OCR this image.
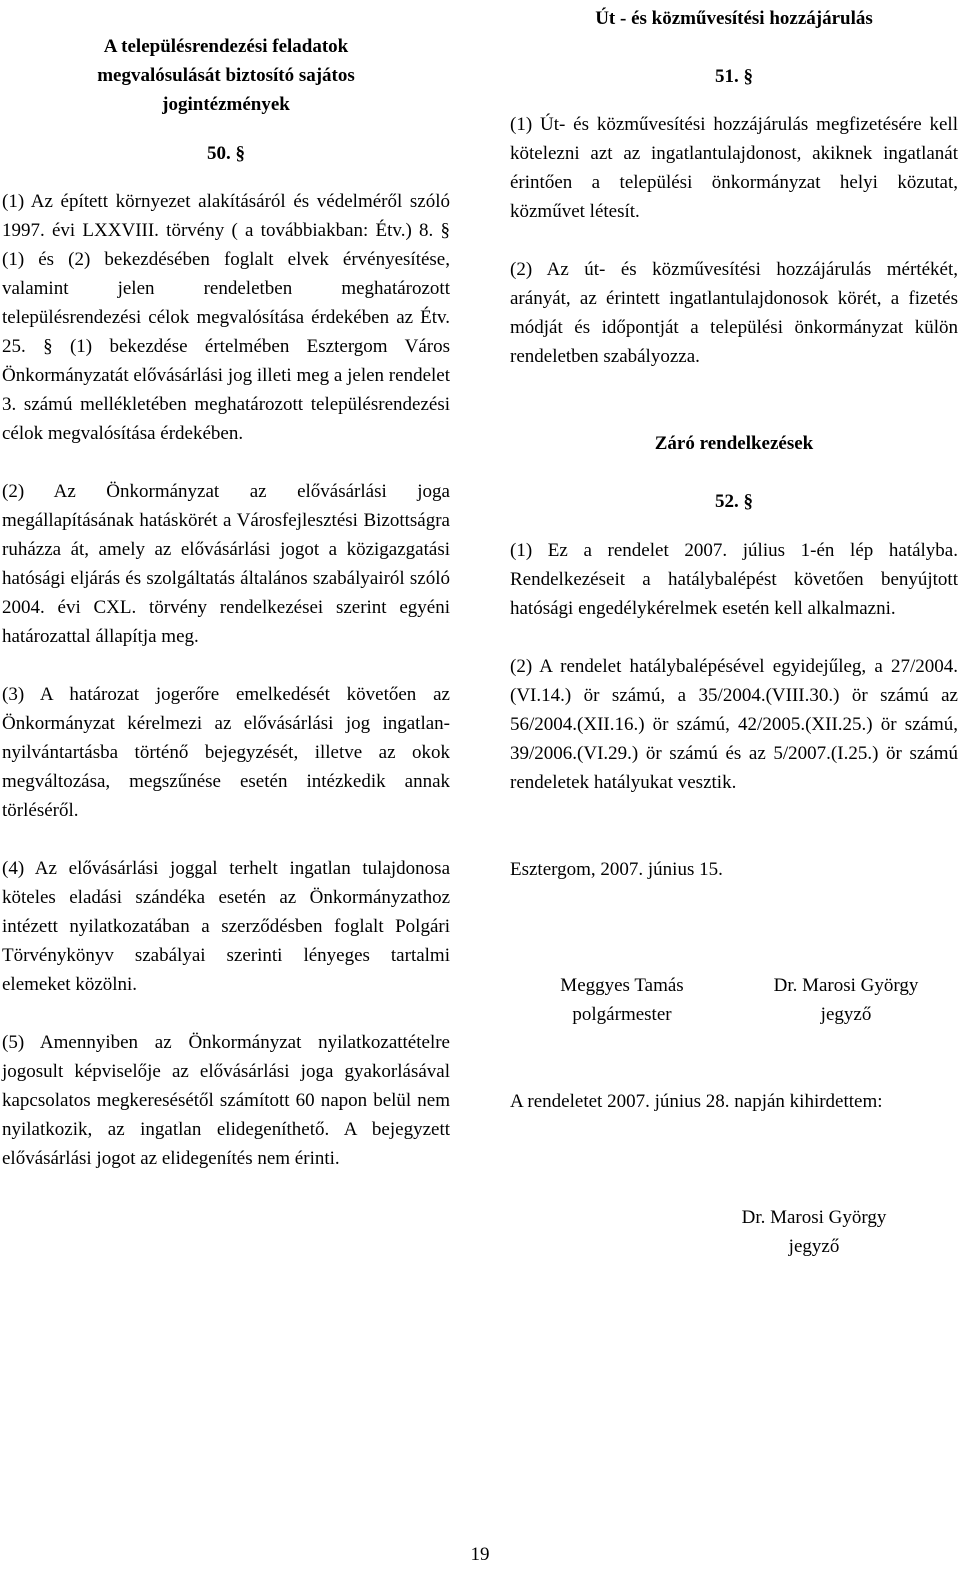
A településrendezési feladatok megvalósulását biztosító sajátos jogintézmények
50. §

(1) Az épített környezet alakításáról és védelméről szóló 1997. évi LXXVIII. törvény ( a továbbiakban: Étv.) 8. § (1) és (2) bekezdésében foglalt elvek érvényesítése, valamint jelen rendeletben meghatározott településrendezési célok megvalósítása érdekében az Étv. 25. § (1) bekezdése értelmében Esztergom Város Önkormányzatát elővásárlási jog illeti meg a jelen rendelet 3. számú mellékletében meghatározott településrendezési célok megvalósítása érdekében.

(2) Az Önkormányzat az elővásárlási joga megállapításának hatáskörét a Városfejlesztési Bizottságra ruházza át, amely az elővásárlási jogot a közigazgatási hatósági eljárás és szolgáltatás általános szabályairól szóló 2004. évi CXL. törvény rendelkezései szerint egyéni határozattal állapítja meg.

(3) A határozat jogerőre emelkedését követően az Önkormányzat kérelmezi az elővásárlási jog ingatlan-nyilvántartásba történő bejegyzését, illetve az okok megváltozása, megszűnése esetén intézkedik annak törléséről.

(4) Az elővásárlási joggal terhelt ingatlan tulajdonosa köteles eladási szándéka esetén az Önkormányzathoz intézett nyilatkozatában a szerződésben foglalt Polgári Törvénykönyv szabályai szerinti lényeges tartalmi elemeket közölni.

(5) Amennyiben az Önkormányzat nyilatkozattételre jogosult képviselője az elővásárlási joga gyakorlásával kapcsolatos megkeresésétől számított 60 napon belül nem nyilatkozik, az ingatlan elidegeníthető. A bejegyzett elővásárlási jogot az elidegenítés nem érinti.

Út - és közművesítési hozzájárulás
51. §

(1) Út- és közművesítési hozzájárulás megfizetésére kell kötelezni azt az ingatlantulajdonost, akiknek ingatlanát érintően a települési önkormányzat helyi közutat, közművet létesít.

(2) Az út- és közművesítési hozzájárulás mértékét, arányát, az érintett ingatlantulajdonosok körét, a fizetés módját és időpontját a települési önkormányzat külön rendeletben szabályozza.

Záró rendelkezések
52. §

(1) Ez a rendelet 2007. július 1-én lép hatályba. Rendelkezéseit a hatálybalépést követően benyújtott hatósági engedélykérelmek esetén kell alkalmazni.

(2) A rendelet hatálybalépésével egyidejűleg, a 27/2004. (VI.14.) ör számú, a 35/2004.(VIII.30.) ör számú az 56/2004.(XII.16.) ör számú, 42/2005.(XII.25.) ör számú, 39/2006.(VI.29.) ör számú és az 5/2007.(I.25.) ör számú rendeletek hatályukat vesztik.

Esztergom, 2007. június 15.

Meggyes Tamás
polgármester
Dr. Marosi György
jegyző

A rendeletet 2007. június 28. napján kihirdettem:

Dr. Marosi György
jegyző
19
